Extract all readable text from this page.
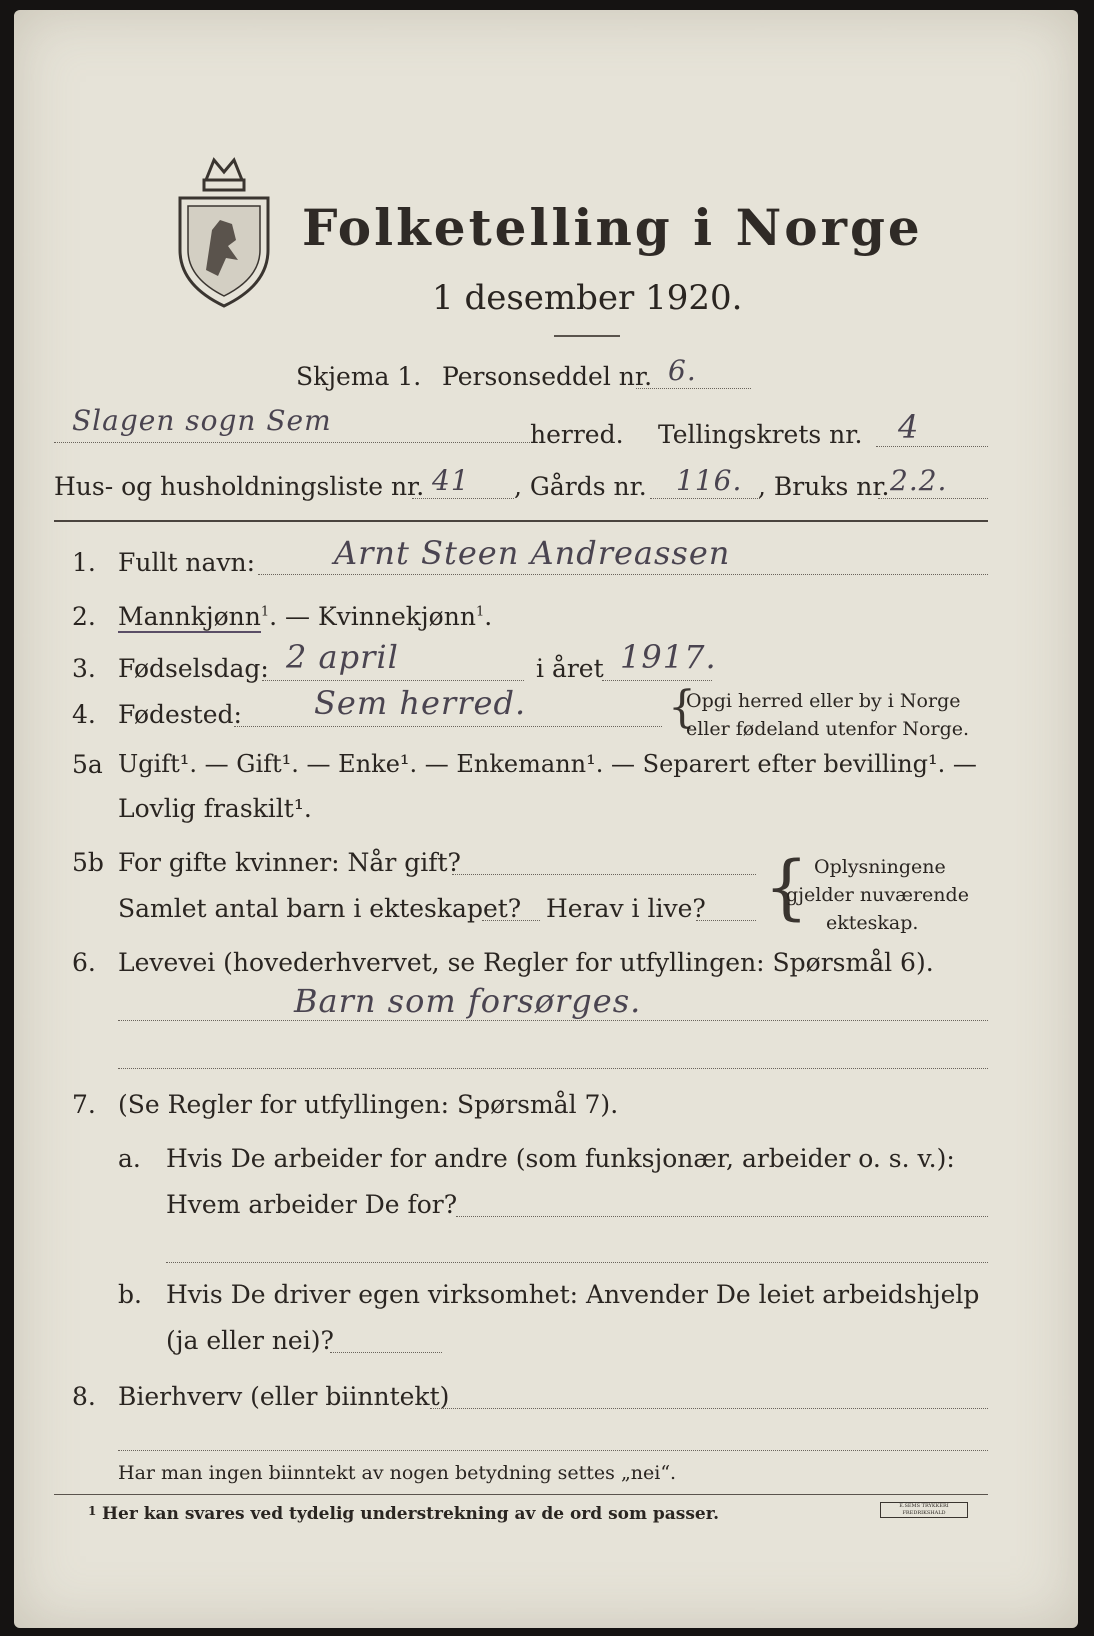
Folketelling i Norge
1 desember 1920.
Skjema 1. Personseddel nr. 6.
Slagen sogn Sem	herred. Tellingskrets nr. 4
Hus- og husholdningsliste nr. 41 , Gårds nr. 116. , Bruks nr. 2.2.
1. Fullt navn: Arnt Steen Andreassen
2. Mannkjønn$^1$. — Kvinnekjønn$^1$.
3. Fødselsdag: 2 april	i året 1917.
4. Fødested: Sem herred.	{
Opgi herred eller by i Norge
eller fødeland utenfor Norge.
5a Ugift¹. — Gift¹. — Enke¹. — Enkemann¹. — Separert efter bevilling¹. —
Lovlig fraskilt¹.
5b For gifte kvinner: Når gift?
Samlet antal barn i ekteskapet? Herav i live? { Oplysningene
gjelder nuværende
ekteskap.
6. Levevei (hovederhvervet, se Regler for utfyllingen: Spørsmål 6).
Barn som forsørges.
7. (Se Regler for utfyllingen: Spørsmål 7).
a. Hvis De arbeider for andre (som funksjonær, arbeider o. s. v.):
Hvem arbeider De for?
b. Hvis De driver egen virksomhet: Anvender De leiet arbeidshjelp
(ja eller nei)?
8. Bierhverv (eller biinntekt)
Har man ingen biinntekt av nogen betydning settes „nei“.
1 Her kan svares ved tydelig understrekning av de ord som passer.	E.SEMS TRYKKERI FREDRIKSHALD
